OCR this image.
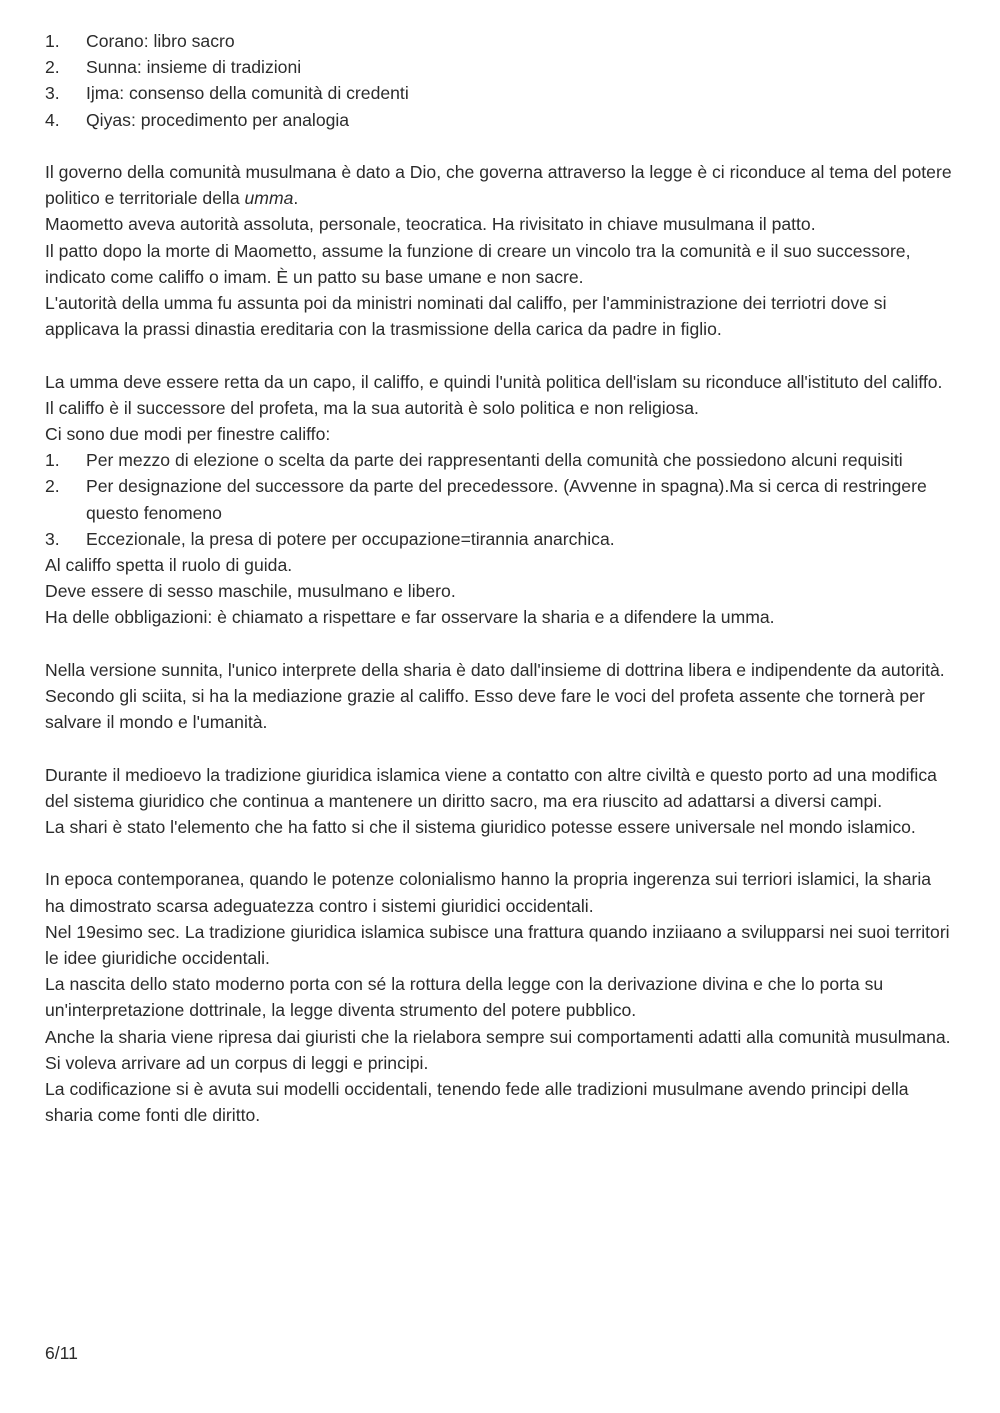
1. Corano: libro sacro
2. Sunna: insieme di tradizioni
3. Ijma: consenso della comunità di credenti
4. Qiyas: procedimento per analogia

Il governo della comunità musulmana è dato a Dio, che governa attraverso la legge è ci riconduce al tema del potere politico e territoriale della umma.

Maometto aveva autorità assoluta, personale, teocratica. Ha rivisitato in chiave musulmana il patto.

Il patto dopo la morte di Maometto, assume la funzione di creare un vincolo tra la comunità e il suo successore, indicato come califfo o imam. È un patto su base umane e non sacre.

L'autorità della umma fu assunta poi da ministri nominati dal califfo, per l'amministrazione dei terriotri dove si applicava la prassi dinastia ereditaria con la trasmissione della carica da padre in figlio.

La umma deve essere retta da un capo, il califfo, e quindi l'unità politica dell'islam su riconduce all'istituto del califfo.

Il califfo è il successore del profeta, ma la sua autorità è solo politica e non religiosa.

Ci sono due modi per finestre califfo:

1. Per mezzo di elezione o scelta da parte dei rappresentanti della comunità che possiedono alcuni requisiti
2. Per designazione del successore da parte del precedessore. (Avvenne in spagna).Ma si cerca di restringere questo fenomeno
3. Eccezionale, la presa di potere per occupazione=tirannia anarchica.

Al califfo spetta il ruolo di guida.

Deve essere di sesso maschile, musulmano e libero.

Ha delle obbligazioni: è chiamato a rispettare e far osservare la sharia e a difendere la umma.

Nella versione sunnita, l'unico interprete della sharia è dato dall'insieme di dottrina libera e indipendente da autorità.

Secondo gli sciita, si ha la mediazione grazie al califfo. Esso deve fare le voci del profeta assente che tornerà per salvare il mondo e l'umanità.

Durante il medioevo la tradizione giuridica islamica viene a contatto con altre civiltà e questo porto ad una modifica del sistema giuridico che continua a mantenere un diritto sacro, ma era riuscito ad adattarsi a diversi campi.

La shari è stato l'elemento che ha fatto si che il sistema giuridico potesse essere universale nel mondo islamico.

In epoca contemporanea, quando le potenze colonialismo hanno la propria ingerenza sui terriori islamici, la sharia ha dimostrato scarsa adeguatezza contro i sistemi giuridici occidentali.

Nel 19esimo sec. La tradizione giuridica islamica subisce una frattura quando inziiaano a svilupparsi nei suoi territori le idee giuridiche occidentali.

La nascita dello stato moderno porta con sé la rottura della legge con la derivazione divina e che lo porta su un'interpretazione dottrinale, la legge diventa strumento del potere pubblico.

Anche la sharia viene ripresa dai giuristi che la rielabora sempre sui comportamenti adatti alla comunità musulmana.

Si voleva arrivare ad un corpus di leggi e principi.

La codificazione si è avuta sui modelli occidentali, tenendo fede alle tradizioni musulmane avendo principi della sharia come fonti dle diritto.

6/11
